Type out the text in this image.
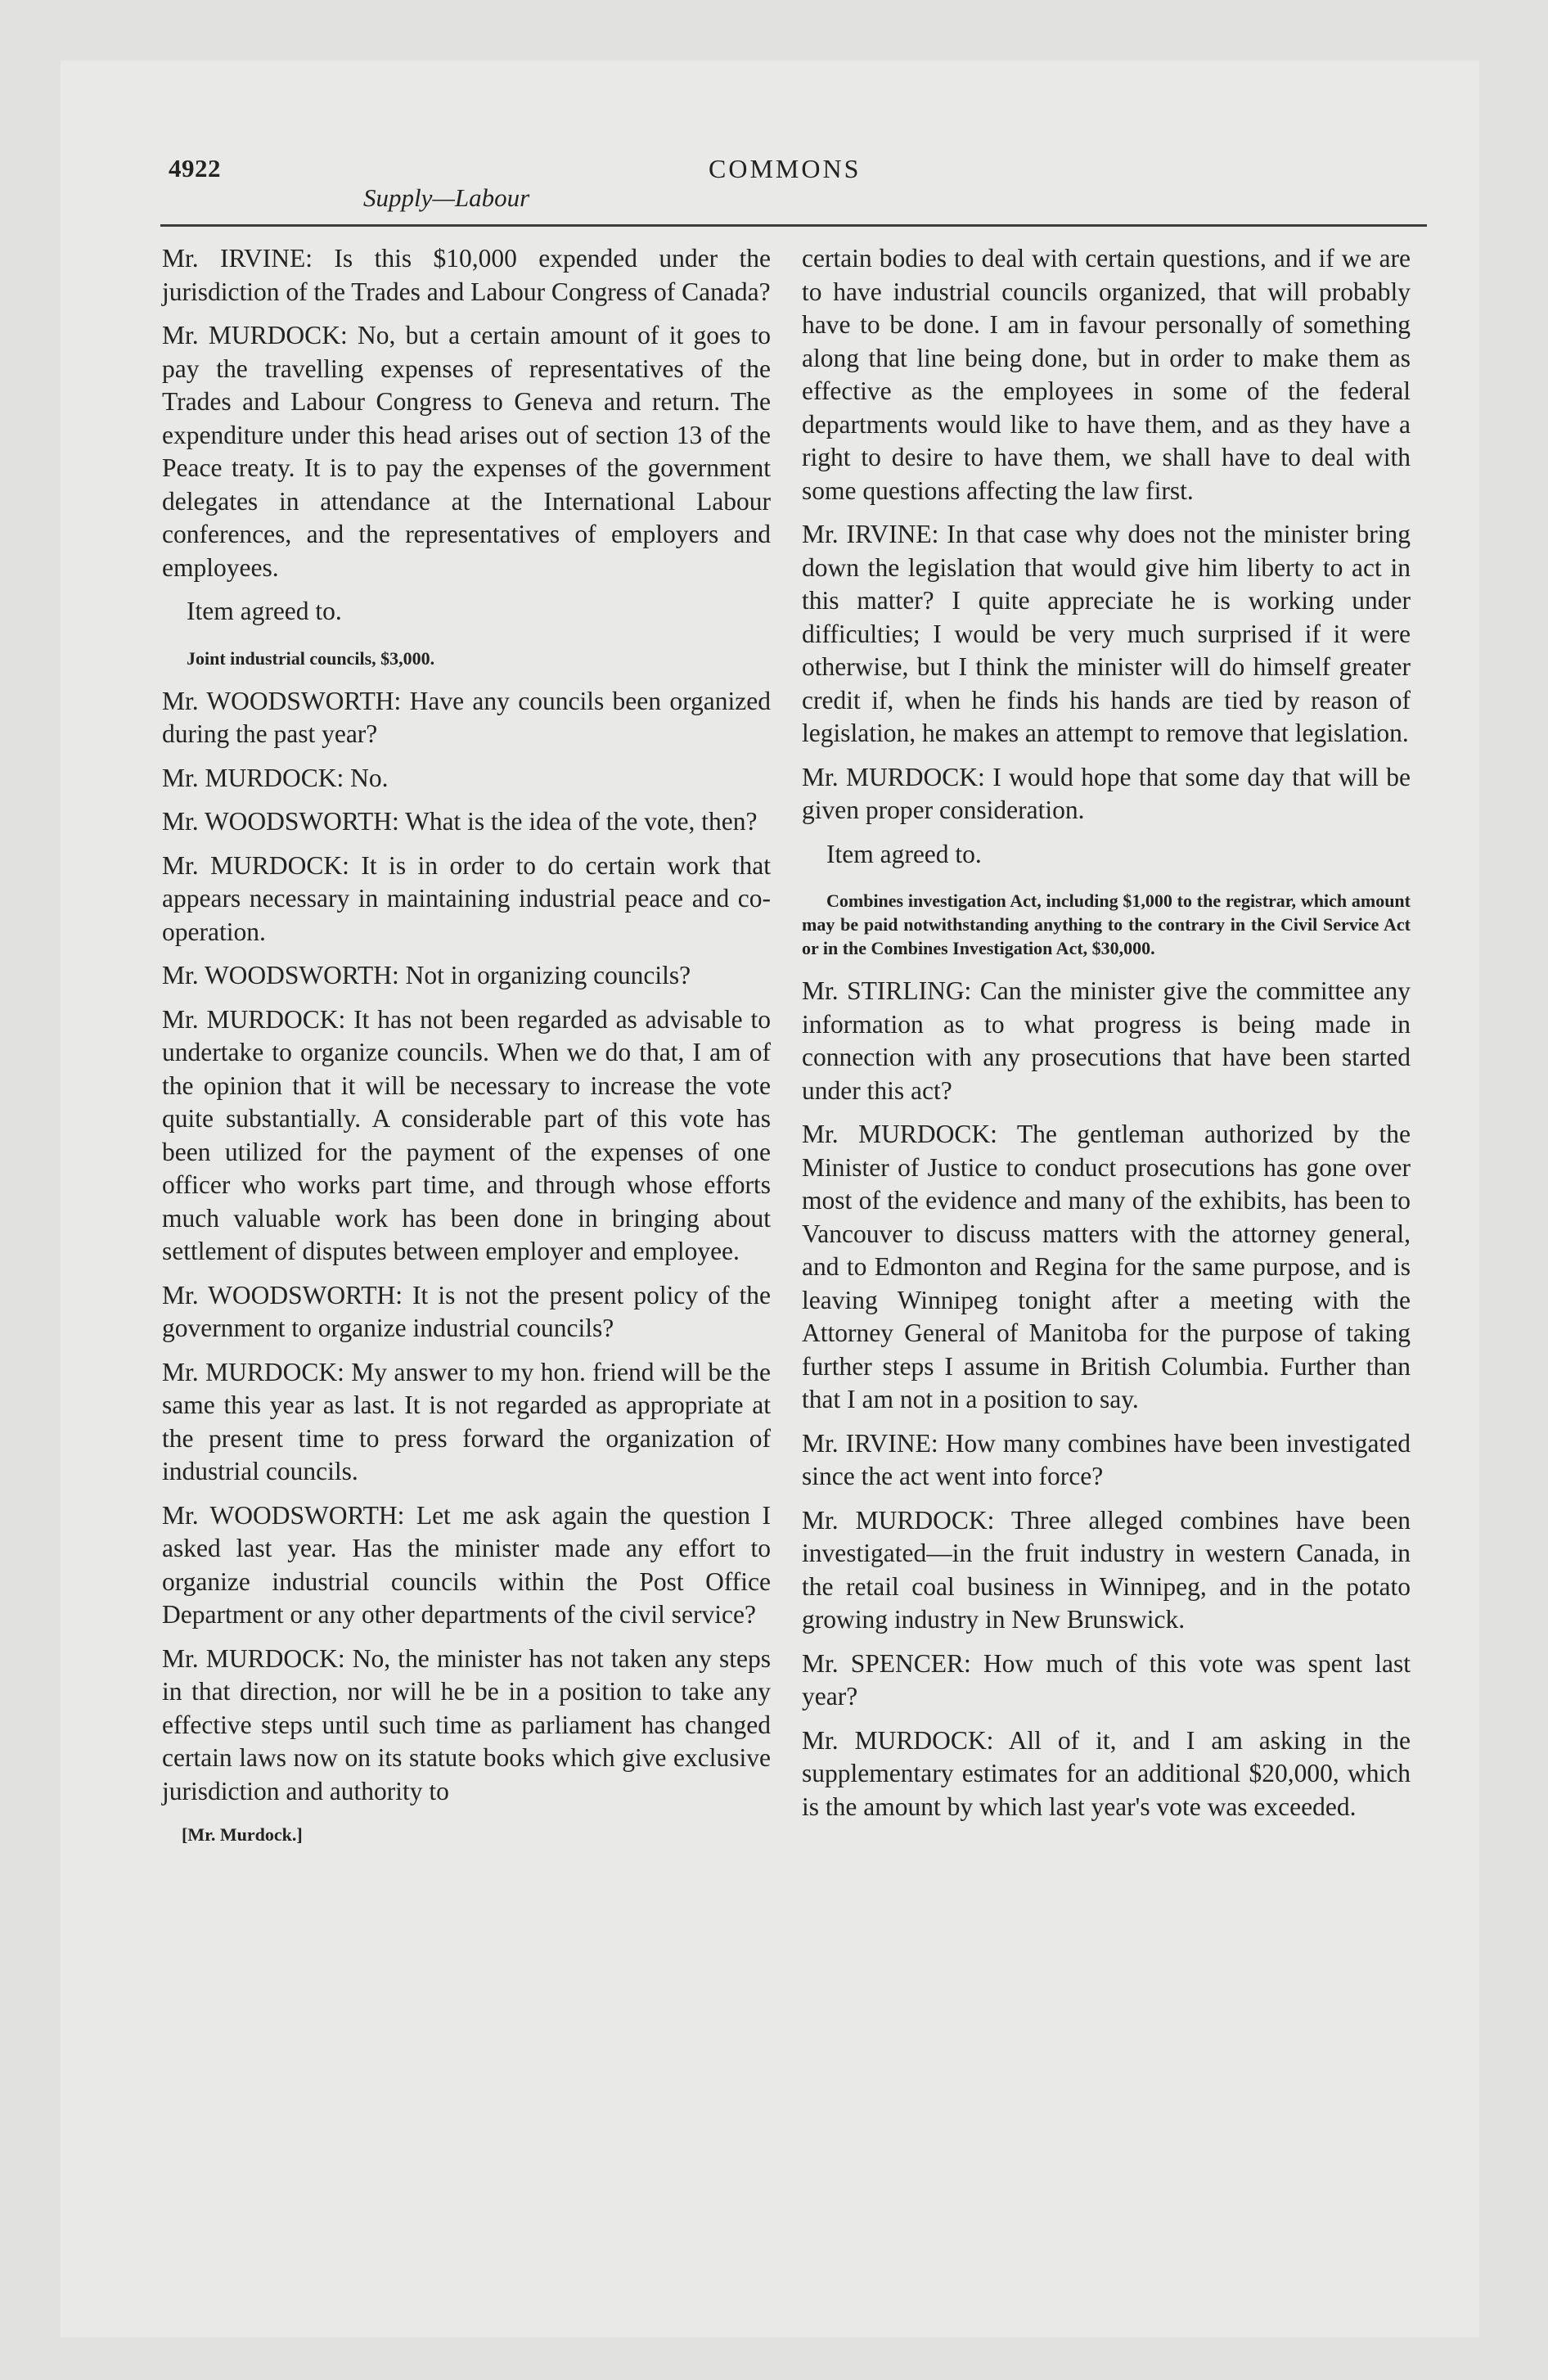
4922	COMMONS
Supply—Labour

Mr. IRVINE: Is this $10,000 expended under the jurisdiction of the Trades and Labour Congress of Canada?

Mr. MURDOCK: No, but a certain amount of it goes to pay the travelling expenses of representatives of the Trades and Labour Congress to Geneva and return. The expenditure under this head arises out of section 13 of the Peace treaty. It is to pay the expenses of the government delegates in attendance at the International Labour conferences, and the representatives of employers and employees.

Item agreed to.

Joint industrial councils, $3,000.

Mr. WOODSWORTH: Have any councils been organized during the past year?

Mr. MURDOCK: No.

Mr. WOODSWORTH: What is the idea of the vote, then?

Mr. MURDOCK: It is in order to do certain work that appears necessary in maintaining industrial peace and co-operation.

Mr. WOODSWORTH: Not in organizing councils?

Mr. MURDOCK: It has not been regarded as advisable to undertake to organize councils. When we do that, I am of the opinion that it will be necessary to increase the vote quite substantially. A considerable part of this vote has been utilized for the payment of the expenses of one officer who works part time, and through whose efforts much valuable work has been done in bringing about settlement of disputes between employer and employee.

Mr. WOODSWORTH: It is not the present policy of the government to organize industrial councils?

Mr. MURDOCK: My answer to my hon. friend will be the same this year as last. It is not regarded as appropriate at the present time to press forward the organization of industrial councils.

Mr. WOODSWORTH: Let me ask again the question I asked last year. Has the minister made any effort to organize industrial councils within the Post Office Department or any other departments of the civil service?

Mr. MURDOCK: No, the minister has not taken any steps in that direction, nor will he be in a position to take any effective steps until such time as parliament has changed certain laws now on its statute books which give exclusive jurisdiction and authority to

[Mr. Murdock.]

certain bodies to deal with certain questions, and if we are to have industrial councils organized, that will probably have to be done. I am in favour personally of something along that line being done, but in order to make them as effective as the employees in some of the federal departments would like to have them, and as they have a right to desire to have them, we shall have to deal with some questions affecting the law first.

Mr. IRVINE: In that case why does not the minister bring down the legislation that would give him liberty to act in this matter? I quite appreciate he is working under difficulties; I would be very much surprised if it were otherwise, but I think the minister will do himself greater credit if, when he finds his hands are tied by reason of legislation, he makes an attempt to remove that legislation.

Mr. MURDOCK: I would hope that some day that will be given proper consideration.

Item agreed to.

Combines investigation Act, including $1,000 to the registrar, which amount may be paid notwithstanding anything to the contrary in the Civil Service Act or in the Combines Investigation Act, $30,000.

Mr. STIRLING: Can the minister give the committee any information as to what progress is being made in connection with any prosecutions that have been started under this act?

Mr. MURDOCK: The gentleman authorized by the Minister of Justice to conduct prosecutions has gone over most of the evidence and many of the exhibits, has been to Vancouver to discuss matters with the attorney general, and to Edmonton and Regina for the same purpose, and is leaving Winnipeg tonight after a meeting with the Attorney General of Manitoba for the purpose of taking further steps I assume in British Columbia. Further than that I am not in a position to say.

Mr. IRVINE: How many combines have been investigated since the act went into force?

Mr. MURDOCK: Three alleged combines have been investigated—in the fruit industry in western Canada, in the retail coal business in Winnipeg, and in the potato growing industry in New Brunswick.

Mr. SPENCER: How much of this vote was spent last year?

Mr. MURDOCK: All of it, and I am asking in the supplementary estimates for an additional $20,000, which is the amount by which last year's vote was exceeded.
